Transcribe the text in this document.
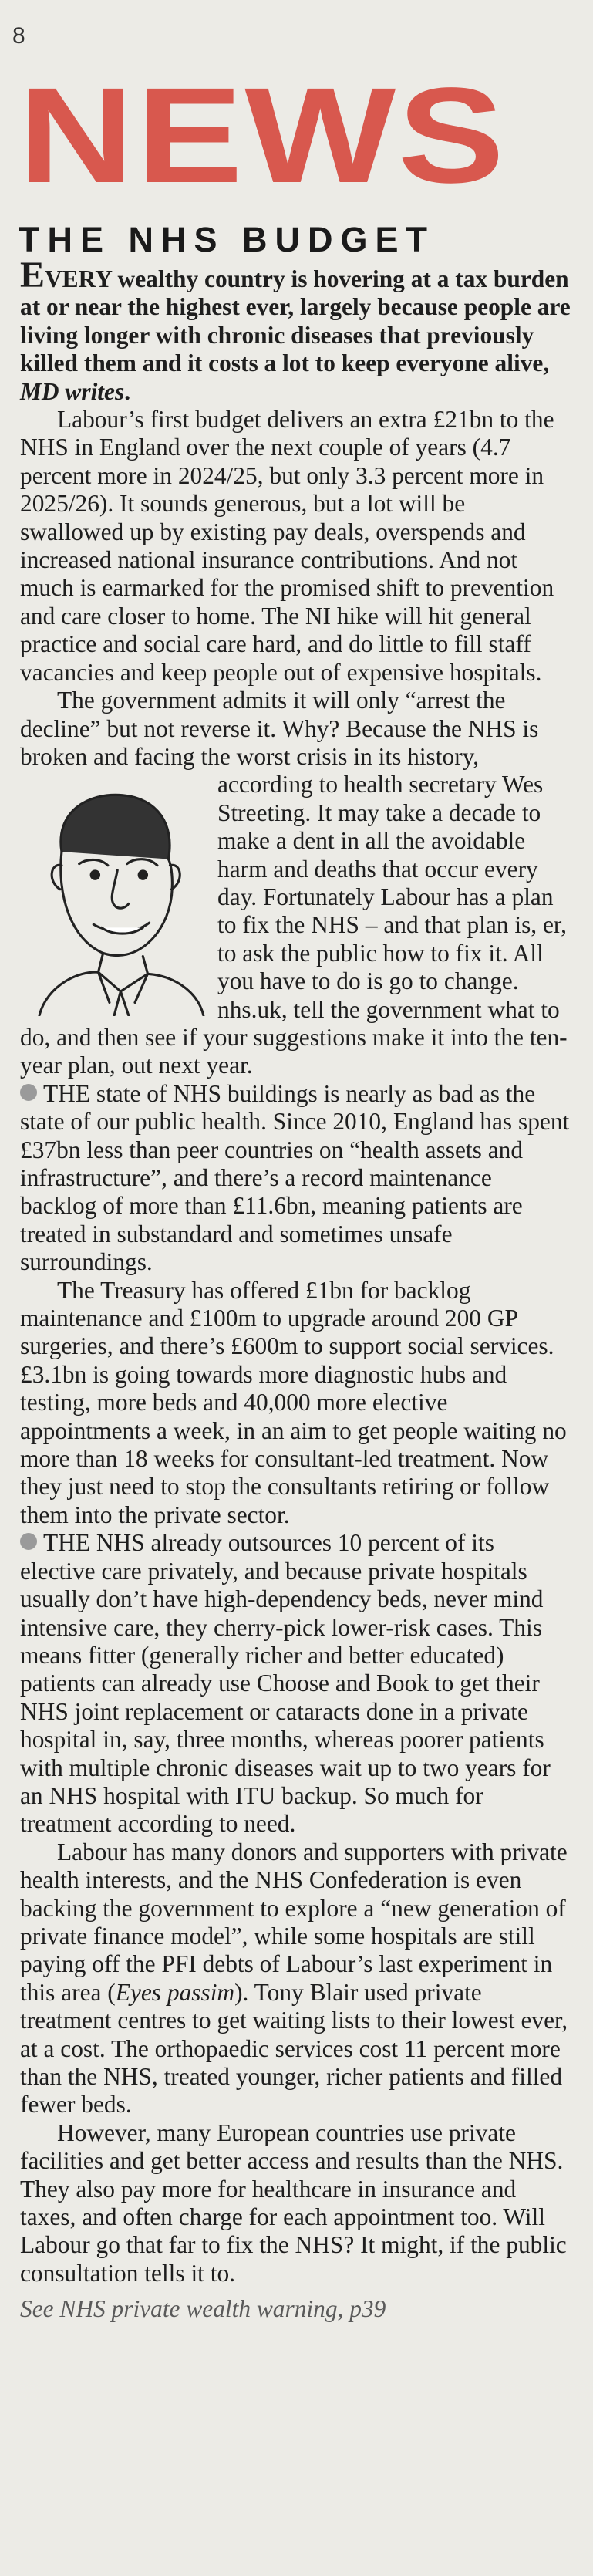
8
NEWS
THE NHS BUDGET

EVERY wealthy country is hovering at a tax burden at or near the highest ever, largely because people are living longer with chronic diseases that previously killed them and it costs a lot to keep everyone alive, MD writes.

Labour’s first budget delivers an extra £21bn to the NHS in England over the next couple of years (4.7 percent more in 2024/25, but only 3.3 percent more in 2025/26). It sounds generous, but a lot will be swallowed up by existing pay deals, overspends and increased national insurance contributions. And not much is earmarked for the promised shift to prevention and care closer to home. The NI hike will hit general practice and social care hard, and do little to fill staff vacancies and keep people out of expensive hospitals.

The government admits it will only “arrest the decline” but not reverse it. Why? Because the NHS is broken and facing the worst crisis in its history, according to health secretary Wes
Streeting. It may take a decade to make a dent in all the avoidable harm and deaths that occur every day. Fortunately Labour has a plan to fix the NHS – and that plan is, er, to ask the public how to fix it. All you have to do is go to change. nhs.uk, tell the government what to do, and then see if your suggestions make it into the ten-year plan, out next year.

THE state of NHS buildings is nearly as bad as the state of our public health. Since 2010, England has spent £37bn less than peer countries on “health assets and infrastructure”, and there’s a record maintenance backlog of more than £11.6bn, meaning patients are treated in substandard and sometimes unsafe surroundings.

The Treasury has offered £1bn for backlog maintenance and £100m to upgrade around 200 GP surgeries, and there’s £600m to support social services. £3.1bn is going towards more diagnostic hubs and testing, more beds and 40,000 more elective appointments a week, in an aim to get people waiting no more than 18 weeks for consultant-led treatment. Now they just need to stop the consultants retiring or follow them into the private sector.

THE NHS already outsources 10 percent of its elective care privately, and because private hospitals usually don’t have high-dependency beds, never mind intensive care, they cherry-pick lower-risk cases. This means fitter (generally richer and better educated) patients can already use Choose and Book to get their NHS joint replacement or cataracts done in a private hospital in, say, three months, whereas poorer patients with multiple chronic diseases wait up to two years for an NHS hospital with ITU backup. So much for treatment according to need.

Labour has many donors and supporters with private health interests, and the NHS Confederation is even backing the government to explore a “new generation of private finance model”, while some hospitals are still paying off the PFI debts of Labour’s last experiment in this area (Eyes passim). Tony Blair used private treatment centres to get waiting lists to their lowest ever, at a cost. The orthopaedic services cost 11 percent more than the NHS, treated younger, richer patients and filled fewer beds.

However, many European countries use private facilities and get better access and results than the NHS. They also pay more for healthcare in insurance and taxes, and often charge for each appointment too. Will Labour go that far to fix the NHS? It might, if the public consultation tells it to.

See NHS private wealth warning, p39
